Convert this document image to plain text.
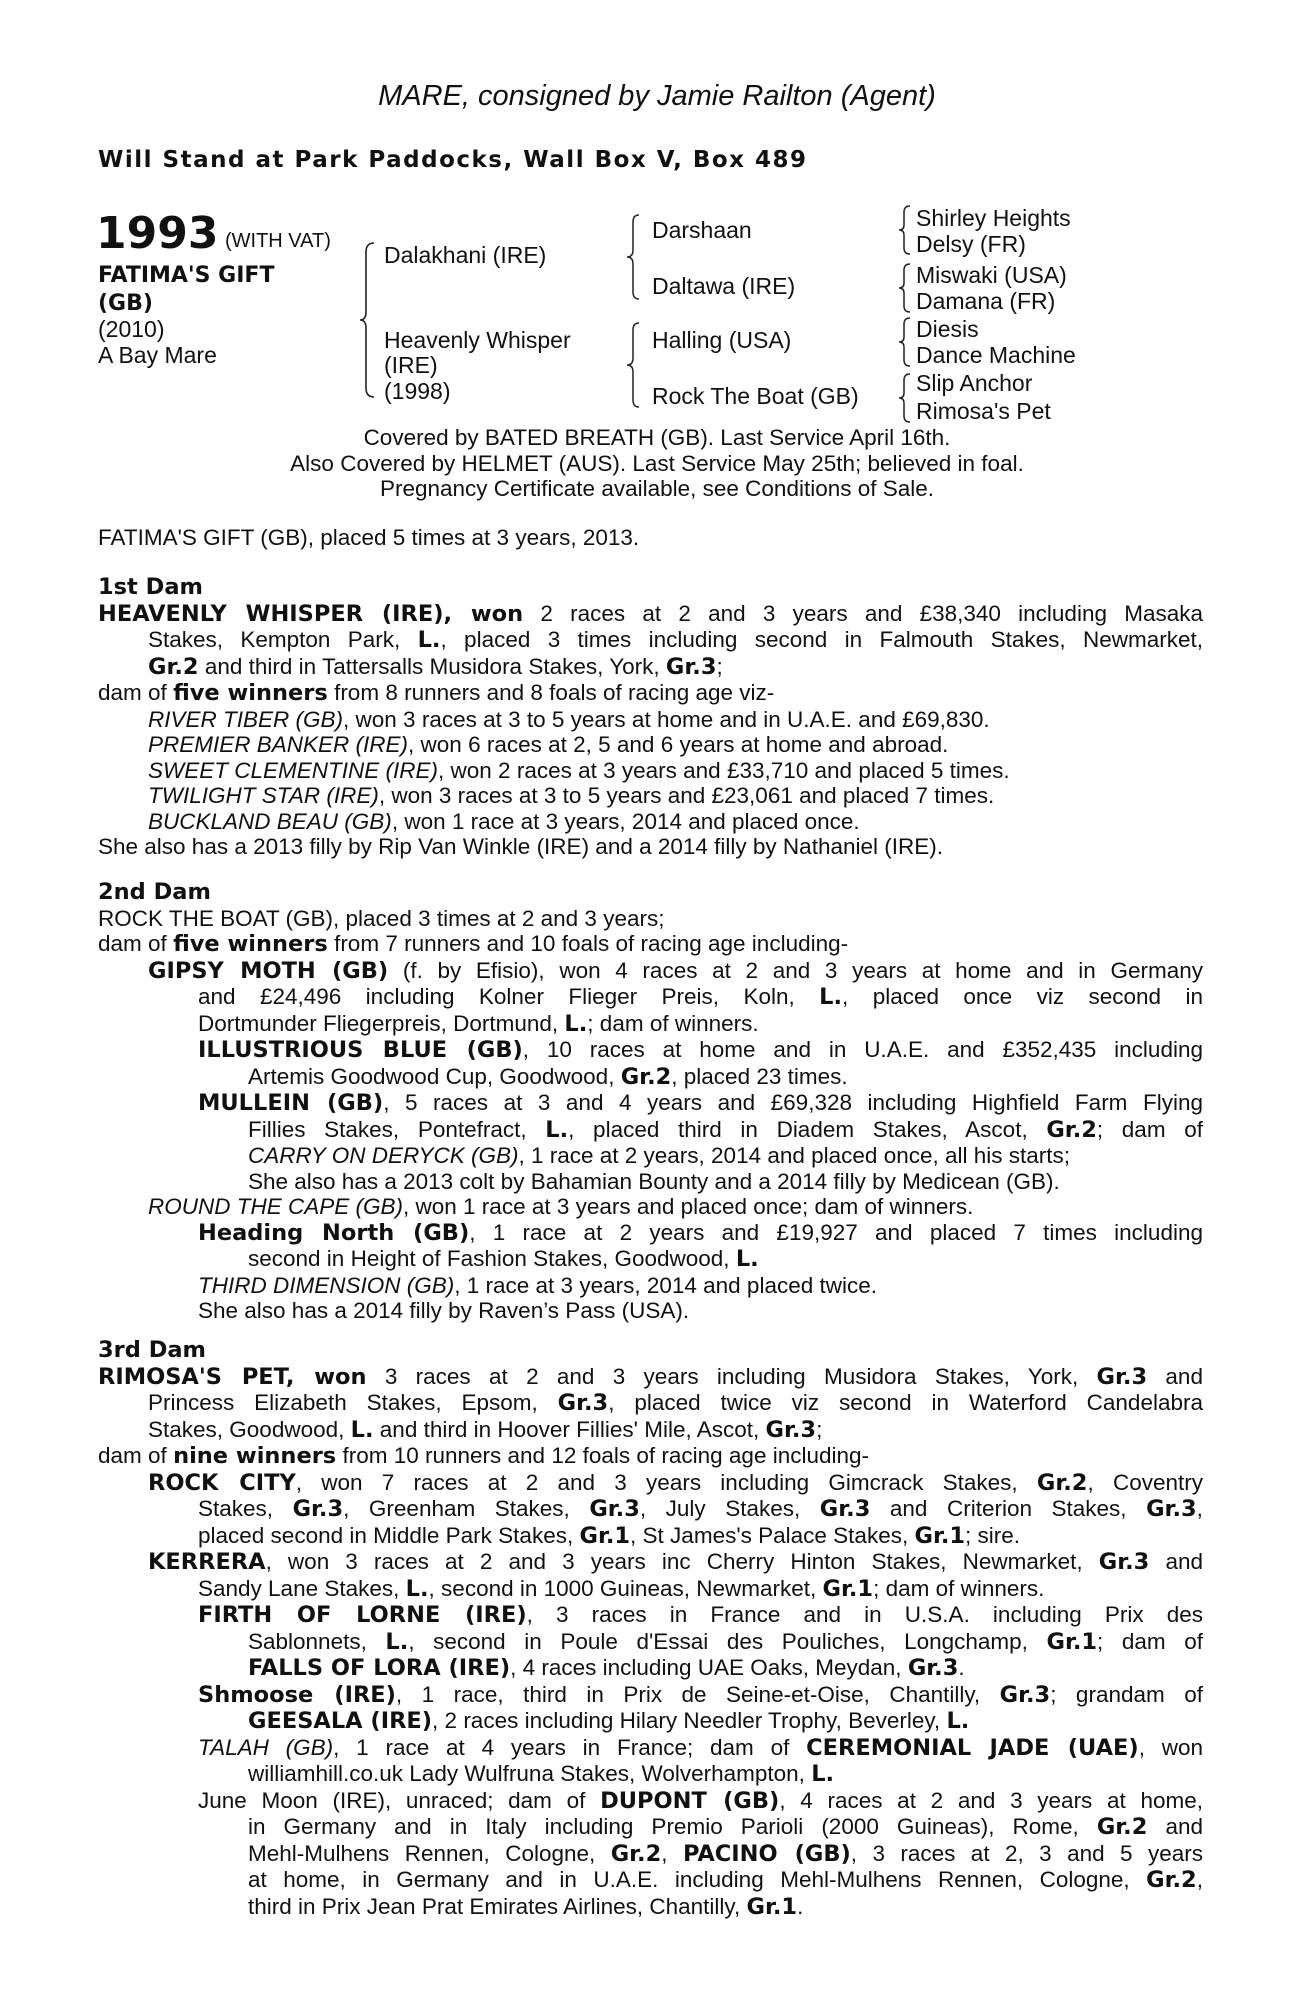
MARE, consigned by Jamie Railton (Agent)
Will Stand at Park Paddocks, Wall Box V, Box 489
1993 (WITH VAT)
FATIMA'S GIFT
(GB)
(2010)
A Bay Mare
Dalakhani (IRE)
Heavenly Whisper
(IRE)
(1998)
Darshaan
Daltawa (IRE)
Halling (USA)
Rock The Boat (GB)
Shirley Heights
Delsy (FR)
Miswaki (USA)
Damana (FR)
Diesis
Dance Machine
Slip Anchor
Rimosa's Pet
Covered by BATED BREATH (GB). Last Service April 16th.
Also Covered by HELMET (AUS). Last Service May 25th; believed in foal.
Pregnancy Certificate available, see Conditions of Sale.
FATIMA'S GIFT (GB), placed 5 times at 3 years, 2013.
1st Dam
HEAVENLY WHISPER (IRE), won 2 races at 2 and 3 years and £38,340 including Masaka
Stakes, Kempton Park, L., placed 3 times including second in Falmouth Stakes, Newmarket,
Gr.2 and third in Tattersalls Musidora Stakes, York, Gr.3;
dam of five winners from 8 runners and 8 foals of racing age viz-
RIVER TIBER (GB), won 3 races at 3 to 5 years at home and in U.A.E. and £69,830.
PREMIER BANKER (IRE), won 6 races at 2, 5 and 6 years at home and abroad.
SWEET CLEMENTINE (IRE), won 2 races at 3 years and £33,710 and placed 5 times.
TWILIGHT STAR (IRE), won 3 races at 3 to 5 years and £23,061 and placed 7 times.
BUCKLAND BEAU (GB), won 1 race at 3 years, 2014 and placed once.
She also has a 2013 filly by Rip Van Winkle (IRE) and a 2014 filly by Nathaniel (IRE).
2nd Dam
ROCK THE BOAT (GB), placed 3 times at 2 and 3 years;
dam of five winners from 7 runners and 10 foals of racing age including-
GIPSY MOTH (GB) (f. by Efisio), won 4 races at 2 and 3 years at home and in Germany
and £24,496 including Kolner Flieger Preis, Koln, L., placed once viz second in
Dortmunder Fliegerpreis, Dortmund, L.; dam of winners.
ILLUSTRIOUS BLUE (GB), 10 races at home and in U.A.E. and £352,435 including
Artemis Goodwood Cup, Goodwood, Gr.2, placed 23 times.
MULLEIN (GB), 5 races at 3 and 4 years and £69,328 including Highfield Farm Flying
Fillies Stakes, Pontefract, L., placed third in Diadem Stakes, Ascot, Gr.2; dam of
CARRY ON DERYCK (GB), 1 race at 2 years, 2014 and placed once, all his starts;
She also has a 2013 colt by Bahamian Bounty and a 2014 filly by Medicean (GB).
ROUND THE CAPE (GB), won 1 race at 3 years and placed once; dam of winners.
Heading North (GB), 1 race at 2 years and £19,927 and placed 7 times including
second in Height of Fashion Stakes, Goodwood, L.
THIRD DIMENSION (GB), 1 race at 3 years, 2014 and placed twice.
She also has a 2014 filly by Raven’s Pass (USA).
3rd Dam
RIMOSA'S PET, won 3 races at 2 and 3 years including Musidora Stakes, York, Gr.3 and
Princess Elizabeth Stakes, Epsom, Gr.3, placed twice viz second in Waterford Candelabra
Stakes, Goodwood, L. and third in Hoover Fillies' Mile, Ascot, Gr.3;
dam of nine winners from 10 runners and 12 foals of racing age including-
ROCK CITY, won 7 races at 2 and 3 years including Gimcrack Stakes, Gr.2, Coventry
Stakes, Gr.3, Greenham Stakes, Gr.3, July Stakes, Gr.3 and Criterion Stakes, Gr.3,
placed second in Middle Park Stakes, Gr.1, St James's Palace Stakes, Gr.1; sire.
KERRERA, won 3 races at 2 and 3 years inc Cherry Hinton Stakes, Newmarket, Gr.3 and
Sandy Lane Stakes, L., second in 1000 Guineas, Newmarket, Gr.1; dam of winners.
FIRTH OF LORNE (IRE), 3 races in France and in U.S.A. including Prix des
Sablonnets, L., second in Poule d'Essai des Pouliches, Longchamp, Gr.1; dam of
FALLS OF LORA (IRE), 4 races including UAE Oaks, Meydan, Gr.3.
Shmoose (IRE), 1 race, third in Prix de Seine-et-Oise, Chantilly, Gr.3; grandam of
GEESALA (IRE), 2 races including Hilary Needler Trophy, Beverley, L.
TALAH (GB), 1 race at 4 years in France; dam of CEREMONIAL JADE (UAE), won
williamhill.co.uk Lady Wulfruna Stakes, Wolverhampton, L.
June Moon (IRE), unraced; dam of DUPONT (GB), 4 races at 2 and 3 years at home,
in Germany and in Italy including Premio Parioli (2000 Guineas), Rome, Gr.2 and
Mehl-Mulhens Rennen, Cologne, Gr.2, PACINO (GB), 3 races at 2, 3 and 5 years
at home, in Germany and in U.A.E. including Mehl-Mulhens Rennen, Cologne, Gr.2,
third in Prix Jean Prat Emirates Airlines, Chantilly, Gr.1.
